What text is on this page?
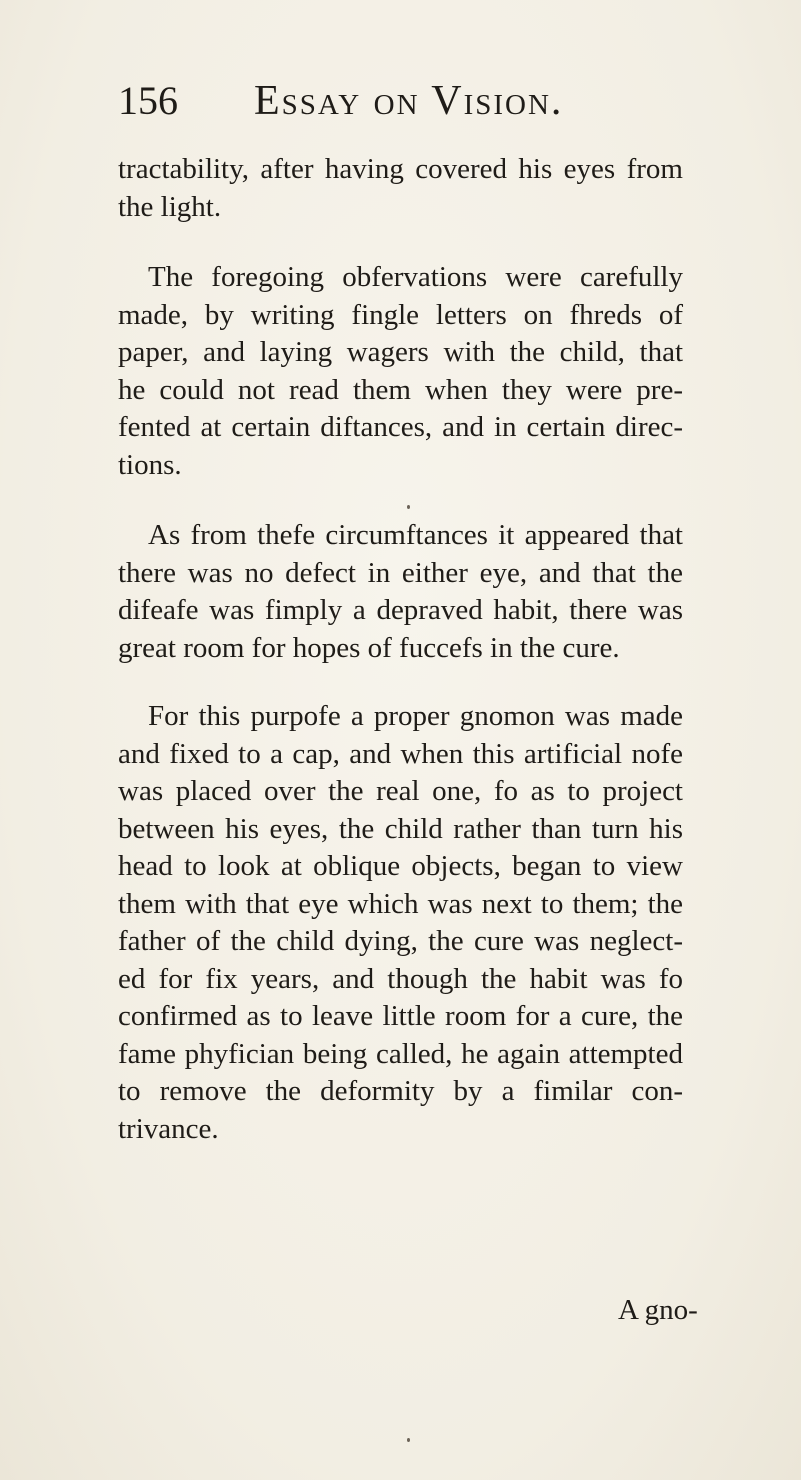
156 Essay on Vision.
tractability, after having covered his eyes from
the light.
The foregoing obfervations were carefully
made, by writing fingle letters on fhreds of
paper, and laying wagers with the child, that
he could not read them when they were pre-
fented at certain diftances, and in certain direc-
tions.
As from thefe circumftances it appeared that
there was no defect in either eye, and that the
difeafe was fimply a depraved habit, there was
great room for hopes of fuccefs in the cure.
For this purpofe a proper gnomon was made
and fixed to a cap, and when this artificial nofe
was placed over the real one, fo as to project
between his eyes, the child rather than turn his
head to look at oblique objects, began to view
them with that eye which was next to them; the
father of the child dying, the cure was neglect-
ed for fix years, and though the habit was fo
confirmed as to leave little room for a cure, the
fame phyfician being called, he again attempted
to remove the deformity by a fimilar con-
trivance.
A gno-
